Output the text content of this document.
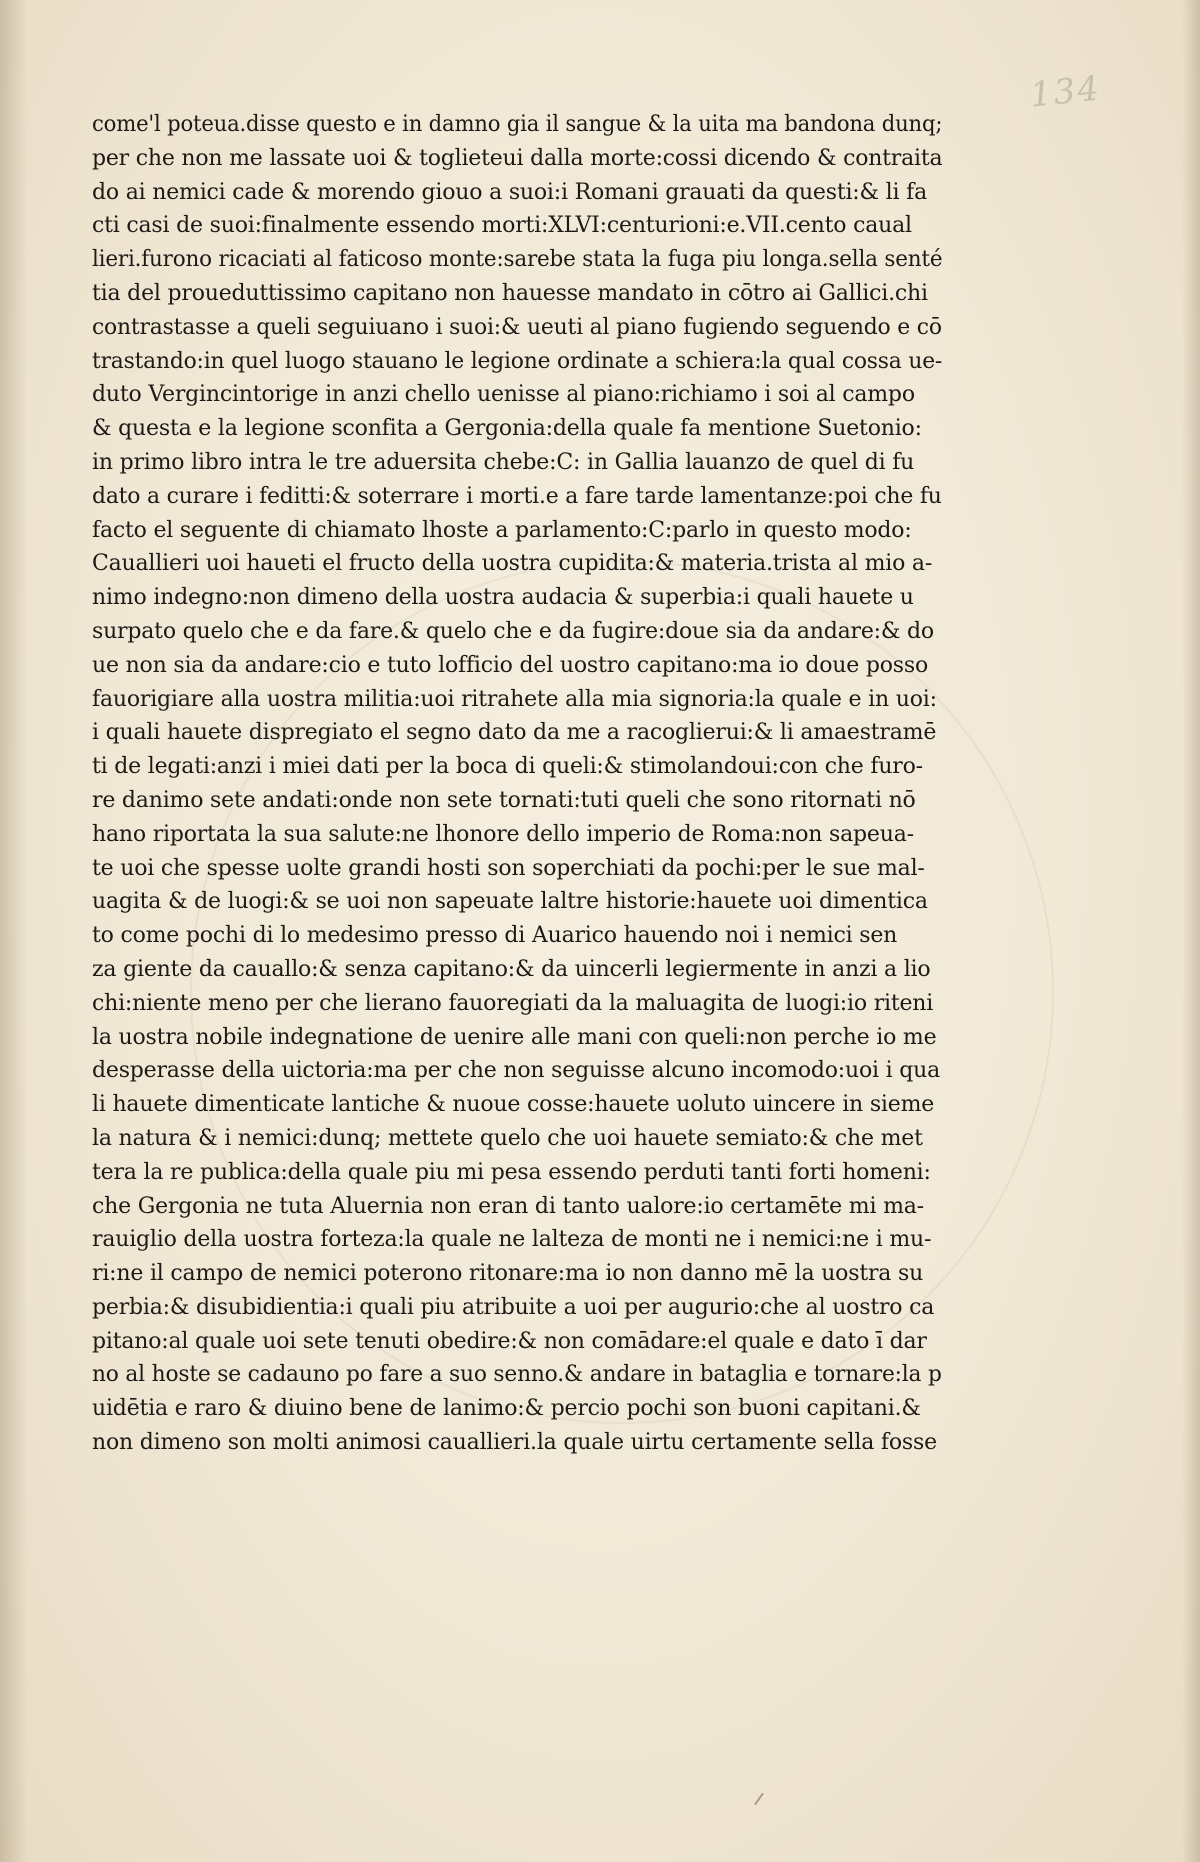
134
come'l poteua.disse questo e in damno gia il sangue & la uita ma bandona dunq;
per che non me lassate uoi & toglieteui dalla morte:cossi dicendo & contraita
do ai nemici cade & morendo giouo a suoi:i Romani grauati da questi:& li fa
cti casi de suoi:finalmente essendo morti:XLVI:centurioni:e.VII.cento caual
lieri.furono ricaciati al faticoso monte:sarebe stata la fuga piu longa.sella senté
tia del proueduttissimo capitano non hauesse mandato in cōtro ai Gallici.chi
contrastasse a queli seguiuano i suoi:& ueuti al piano fugiendo seguendo e cō
trastando:in quel luogo stauano le legione ordinate a schiera:la qual cossa ue-
duto Vergincintorige in anzi chello uenisse al piano:richiamo i soi al campo
& questa e la legione sconfita a Gergonia:della quale fa mentione Suetonio:
in primo libro intra le tre aduersita chebe:C: in Gallia lauanzo de quel di fu
dato a curare i feditti:& soterrare i morti.e a fare tarde lamentanze:poi che fu
facto el seguente di chiamato lhoste a parlamento:C:parlo in questo modo:
Cauallieri uoi haueti el fructo della uostra cupidita:& materia.trista al mio a-
nimo indegno:non dimeno della uostra audacia & superbia:i quali hauete u
surpato quelo che e da fare.& quelo che e da fugire:doue sia da andare:& do
ue non sia da andare:cio e tuto lofficio del uostro capitano:ma io doue posso
fauorigiare alla uostra militia:uoi ritrahete alla mia signoria:la quale e in uoi:
i quali hauete dispregiato el segno dato da me a racoglierui:& li amaestramē
ti de legati:anzi i miei dati per la boca di queli:& stimolandoui:con che furo-
re danimo sete andati:onde non sete tornati:tuti queli che sono ritornati nō
hano riportata la sua salute:ne lhonore dello imperio de Roma:non sapeua-
te uoi che spesse uolte grandi hosti son soperchiati da pochi:per le sue mal-
uagita & de luogi:& se uoi non sapeuate laltre historie:hauete uoi dimentica
to come pochi di lo medesimo presso di Auarico hauendo noi i nemici sen
za giente da cauallo:& senza capitano:& da uincerli legiermente in anzi a lio
chi:niente meno per che lierano fauoregiati da la maluagita de luogi:io riteni
la uostra nobile indegnatione de uenire alle mani con queli:non perche io me
desperasse della uictoria:ma per che non seguisse alcuno incomodo:uoi i qua
li hauete dimenticate lantiche & nuoue cosse:hauete uoluto uincere in sieme
la natura & i nemici:dunq; mettete quelo che uoi hauete semiato:& che met
tera la re publica:della quale piu mi pesa essendo perduti tanti forti homeni:
che Gergonia ne tuta Aluernia non eran di tanto ualore:io certamēte mi ma-
rauiglio della uostra forteza:la quale ne lalteza de monti ne i nemici:ne i mu-
ri:ne il campo de nemici poterono ritonare:ma io non danno mē la uostra su
perbia:& disubidientia:i quali piu atribuite a uoi per augurio:che al uostro ca
pitano:al quale uoi sete tenuti obedire:& non comādare:el quale e dato ī dar
no al hoste se cadauno po fare a suo senno.& andare in bataglia e tornare:la p
uidētia e raro & diuino bene de lanimo:& percio pochi son buoni capitani.&
non dimeno son molti animosi cauallieri.la quale uirtu certamente sella fosse
